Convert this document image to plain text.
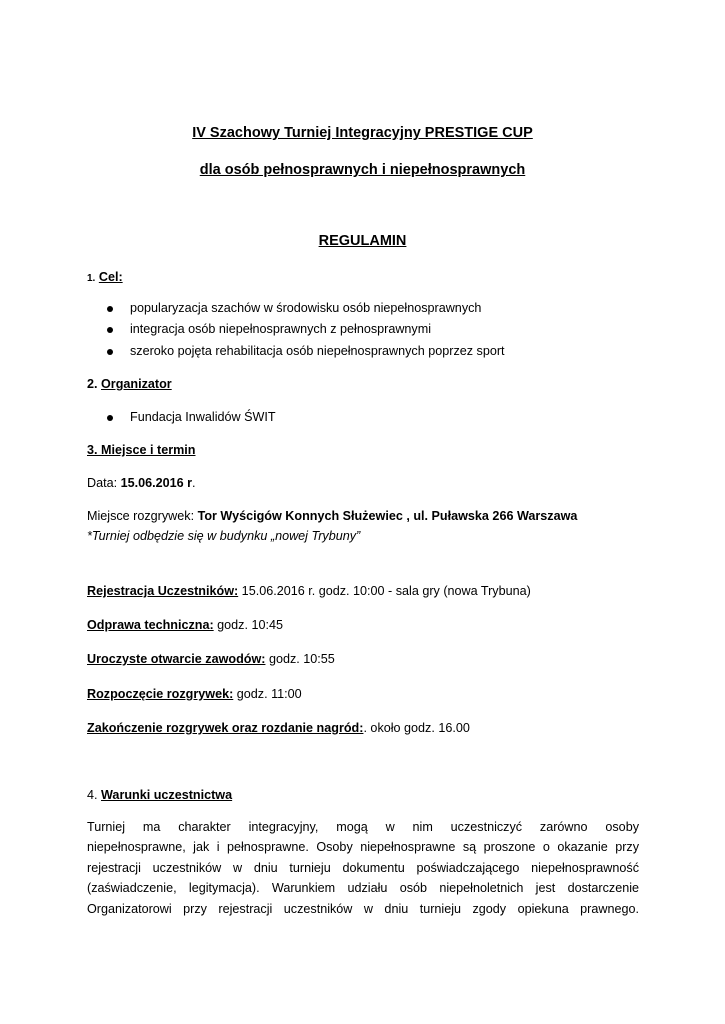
IV Szachowy Turniej Integracyjny PRESTIGE CUP
dla osób pełnosprawnych i niepełnosprawnych
REGULAMIN
1. Cel:
popularyzacja szachów w środowisku osób niepełnosprawnych
integracja osób niepełnosprawnych z pełnosprawnymi
szeroko pojęta rehabilitacja osób niepełnosprawnych poprzez sport
2. Organizator
Fundacja Inwalidów ŚWIT
3. Miejsce i termin
Data: 15.06.2016 r.
Miejsce rozgrywek: Tor Wyścigów Konnych Służewiec , ul. Puławska 266 Warszawa
*Turniej odbędzie się w budynku „nowej Trybuny”
Rejestracja Uczestników: 15.06.2016 r. godz. 10:00 - sala gry (nowa Trybuna)
Odprawa techniczna: godz. 10:45
Uroczyste otwarcie zawodów: godz. 10:55
Rozpoczęcie rozgrywek: godz. 11:00
Zakończenie rozgrywek oraz rozdanie nagród:. około godz. 16.00
4. Warunki uczestnictwa
Turniej ma charakter integracyjny, mogą w nim uczestniczyć zarówno osoby
niepełnosprawne, jak i pełnosprawne. Osoby niepełnosprawne są proszone o okazanie przy
rejestracji uczestników w dniu turnieju dokumentu poświadczającego niepełnosprawność
(zaświadczenie, legitymacja). Warunkiem udziału osób niepełnoletnich jest dostarczenie
Organizatorowi przy rejestracji uczestników w dniu turnieju zgody opiekuna prawnego.
